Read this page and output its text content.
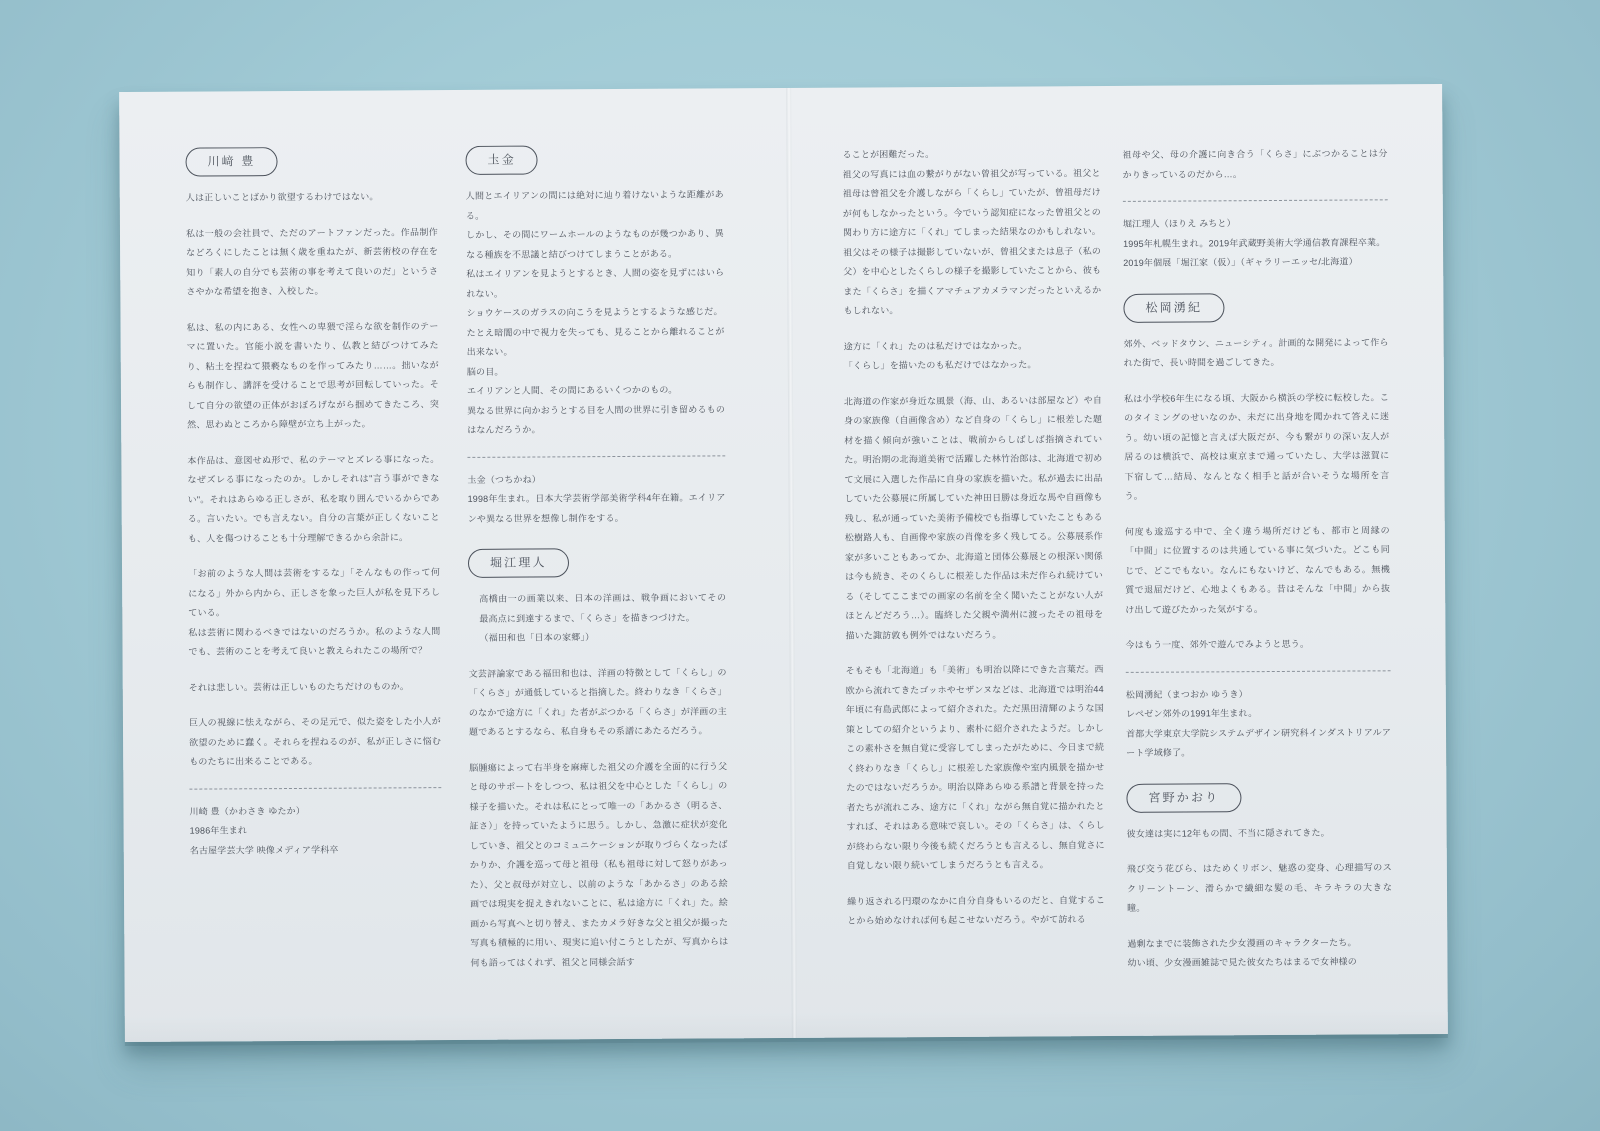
川﨑 豊
人は正しいことばかり欲望するわけではない。
私は一般の会社員で、ただのアートファンだった。作品制作などろくにしたことは無く歳を重ねたが、新芸術校の存在を知り「素人の自分でも芸術の事を考えて良いのだ」というささやかな希望を抱き、入校した。
私は、私の内にある、女性への卑猥で淫らな欲を制作のテーマに置いた。官能小説を書いたり、仏教と結びつけてみたり、粘土を捏ねて猥褻なものを作ってみたり……。拙いながらも制作し、講評を受けることで思考が回転していった。そして自分の欲望の正体がおぼろげながら掴めてきたころ、突然、思わぬところから障壁が立ち上がった。
本作品は、意図せぬ形で、私のテーマとズレる事になった。なぜズレる事になったのか。しかしそれは"言う事ができない"。それはあらゆる正しさが、私を取り囲んでいるからである。言いたい。でも言えない。自分の言葉が正しくないことも、人を傷つけることも十分理解できるから余計に。
「お前のような人間は芸術をするな」「そんなもの作って何になる」外から内から、正しさを象った巨人が私を見下ろしている。
私は芸術に関わるべきではないのだろうか。私のような人間でも、芸術のことを考えて良いと教えられたこの場所で？
それは悲しい。芸術は正しいものたちだけのものか。
巨人の視線に怯えながら、その足元で、似た姿をした小人が欲望のために蠢く。それらを捏ねるのが、私が正しさに悩むものたちに出来ることである。
川崎 豊（かわさき ゆたか）
1986年生まれ
名古屋学芸大学 映像メディア学科卒
圡金
人間とエイリアンの間には絶対に辿り着けないような距離がある。
しかし、その間にワームホールのようなものが幾つかあり、異なる種族を不思議と結びつけてしまうことがある。
私はエイリアンを見ようとするとき、人間の姿を見ずにはいられない。
ショウケースのガラスの向こうを見ようとするような感じだ。
たとえ暗闇の中で視力を失っても、見ることから離れることが出来ない。
脳の目。
エイリアンと人間、その間にあるいくつかのもの。
異なる世界に向かおうとする目を人間の世界に引き留めるものはなんだろうか。
圡金（つちかね）
1998年生まれ。日本大学芸術学部美術学科4年在籍。エイリアンや異なる世界を想像し制作をする。
堀江理人
高橋由一の画業以来、日本の洋画は、戦争画においてその最高点に到達するまで、「くらさ」を描きつづけた。
（福田和也「日本の家郷」）
文芸評論家である福田和也は、洋画の特徴として「くらし」の「くらさ」が通低していると指摘した。終わりなき「くらさ」のなかで途方に「くれ」た者がぶつかる「くらさ」が洋画の主題であるとするなら、私自身もその系譜にあたるだろう。
脳腫瘍によって右半身を麻痺した祖父の介護を全面的に行う父と母のサポートをしつつ、私は祖父を中心とした「くらし」の様子を描いた。それは私にとって唯一の「あかるさ（明るさ、証さ）」を持っていたように思う。しかし、急激に症状が変化していき、祖父とのコミュニケーションが取りづらくなったばかりか、介護を巡って母と祖母（私も祖母に対して怒りがあった）、父と叔母が対立し、以前のような「あかるさ」のある絵画では現実を捉えきれないことに、私は途方に「くれ」た。絵画から写真へと切り替え、またカメラ好きな父と祖父が撮った写真も積極的に用い、現実に追い付こうとしたが、写真からは何も語ってはくれず、祖父と同様会話す
ることが困難だった。
祖父の写真には血の繋がりがない曾祖父が写っている。祖父と祖母は曾祖父を介護しながら「くらし」ていたが、曾祖母だけが何もしなかったという。今でいう認知症になった曾祖父との関わり方に途方に「くれ」てしまった結果なのかもしれない。祖父はその様子は撮影していないが、曾祖父または息子（私の父）を中心としたくらしの様子を撮影していたことから、彼もまた「くらさ」を描くアマチュアカメラマンだったといえるかもしれない。
途方に「くれ」たのは私だけではなかった。
「くらし」を描いたのも私だけではなかった。
北海道の作家が身近な風景（海、山、あるいは部屋など）や自身の家族像（自画像含め）など自身の「くらし」に根差した題材を描く傾向が強いことは、戦前からしばしば指摘されていた。明治期の北海道美術で活躍した林竹治郎は、北海道で初めて文展に入選した作品に自身の家族を描いた。私が過去に出品していた公募展に所属していた神田日勝は身近な馬や自画像も残し、私が通っていた美術予備校でも指導していたこともある松樹路人も、自画像や家族の肖像を多く残してる。公募展系作家が多いこともあってか、北海道と団体公募展との根深い関係は今も続き、そのくらしに根差した作品は未だ作られ続けている（そしてここまでの画家の名前を全く聞いたことがない人がほとんどだろう…）。臨終した父親や満州に渡ったその祖母を描いた諏訪敦も例外ではないだろう。
そもそも「北海道」も「美術」も明治以降にできた言葉だ。西欧から流れてきたゴッホやセザンヌなどは、北海道では明治44年頃に有島武郎によって紹介された。ただ黒田清輝のような国策としての紹介というより、素朴に紹介されたようだ。しかしこの素朴さを無自覚に受容してしまったがために、今日まで続く終わりなき「くらし」に根差した家族像や室内風景を描かせたのではないだろうか。明治以降あらゆる系譜と背景を持った者たちが流れこみ、途方に「くれ」ながら無自覚に描かれたとすれば、それはある意味で哀しい。その「くらさ」は、くらしが終わらない限り今後も続くだろうとも言えるし、無自覚さに自覚しない限り続いてしまうだろうとも言える。
繰り返される円環のなかに自分自身もいるのだと、自覚することから始めなければ何も起こせないだろう。やがて訪れる
祖母や父、母の介護に向き合う「くらさ」にぶつかることは分かりきっているのだから…。
堀江理人（ほりえ みちと）
1995年札幌生まれ。2019年武蔵野美術大学通信教育課程卒業。
2019年個展「堀江家（仮）」（ギャラリーエッセ/北海道）
松岡湧紀
郊外、ベッドタウン、ニューシティ。計画的な開発によって作られた街で、長い時間を過ごしてきた。
私は小学校6年生になる頃、大阪から横浜の学校に転校した。このタイミングのせいなのか、未だに出身地を聞かれて答えに迷う。幼い頃の記憶と言えば大阪だが、今も繋がりの深い友人が居るのは横浜で、高校は東京まで通っていたし、大学は滋賀に下宿して…結局、なんとなく相手と話が合いそうな場所を言う。
何度も逡巡する中で、全く違う場所だけども、都市と周縁の「中間」に位置するのは共通している事に気づいた。どこも同じで、どこでもない。なんにもないけど、なんでもある。無機質で退屈だけど、心地よくもある。昔はそんな「中間」から抜け出して遊びたかった気がする。
今はもう一度、郊外で遊んでみようと思う。
松岡湧紀（まつおか ゆうき）
レペゼン郊外の1991年生まれ。
首都大学東京大学院システムデザイン研究科インダストリアルアート学域修了。
宮野かおり
彼女達は実に12年もの間、不当に隠されてきた。
飛び交う花びら、はためくリボン、魅惑の変身、心理描写のスクリーントーン、滑らかで繊細な髪の毛、キラキラの大きな瞳。
過剰なまでに装飾された少女漫画のキャラクターたち。
幼い頃、少女漫画雑誌で見た彼女たちはまるで女神様の
